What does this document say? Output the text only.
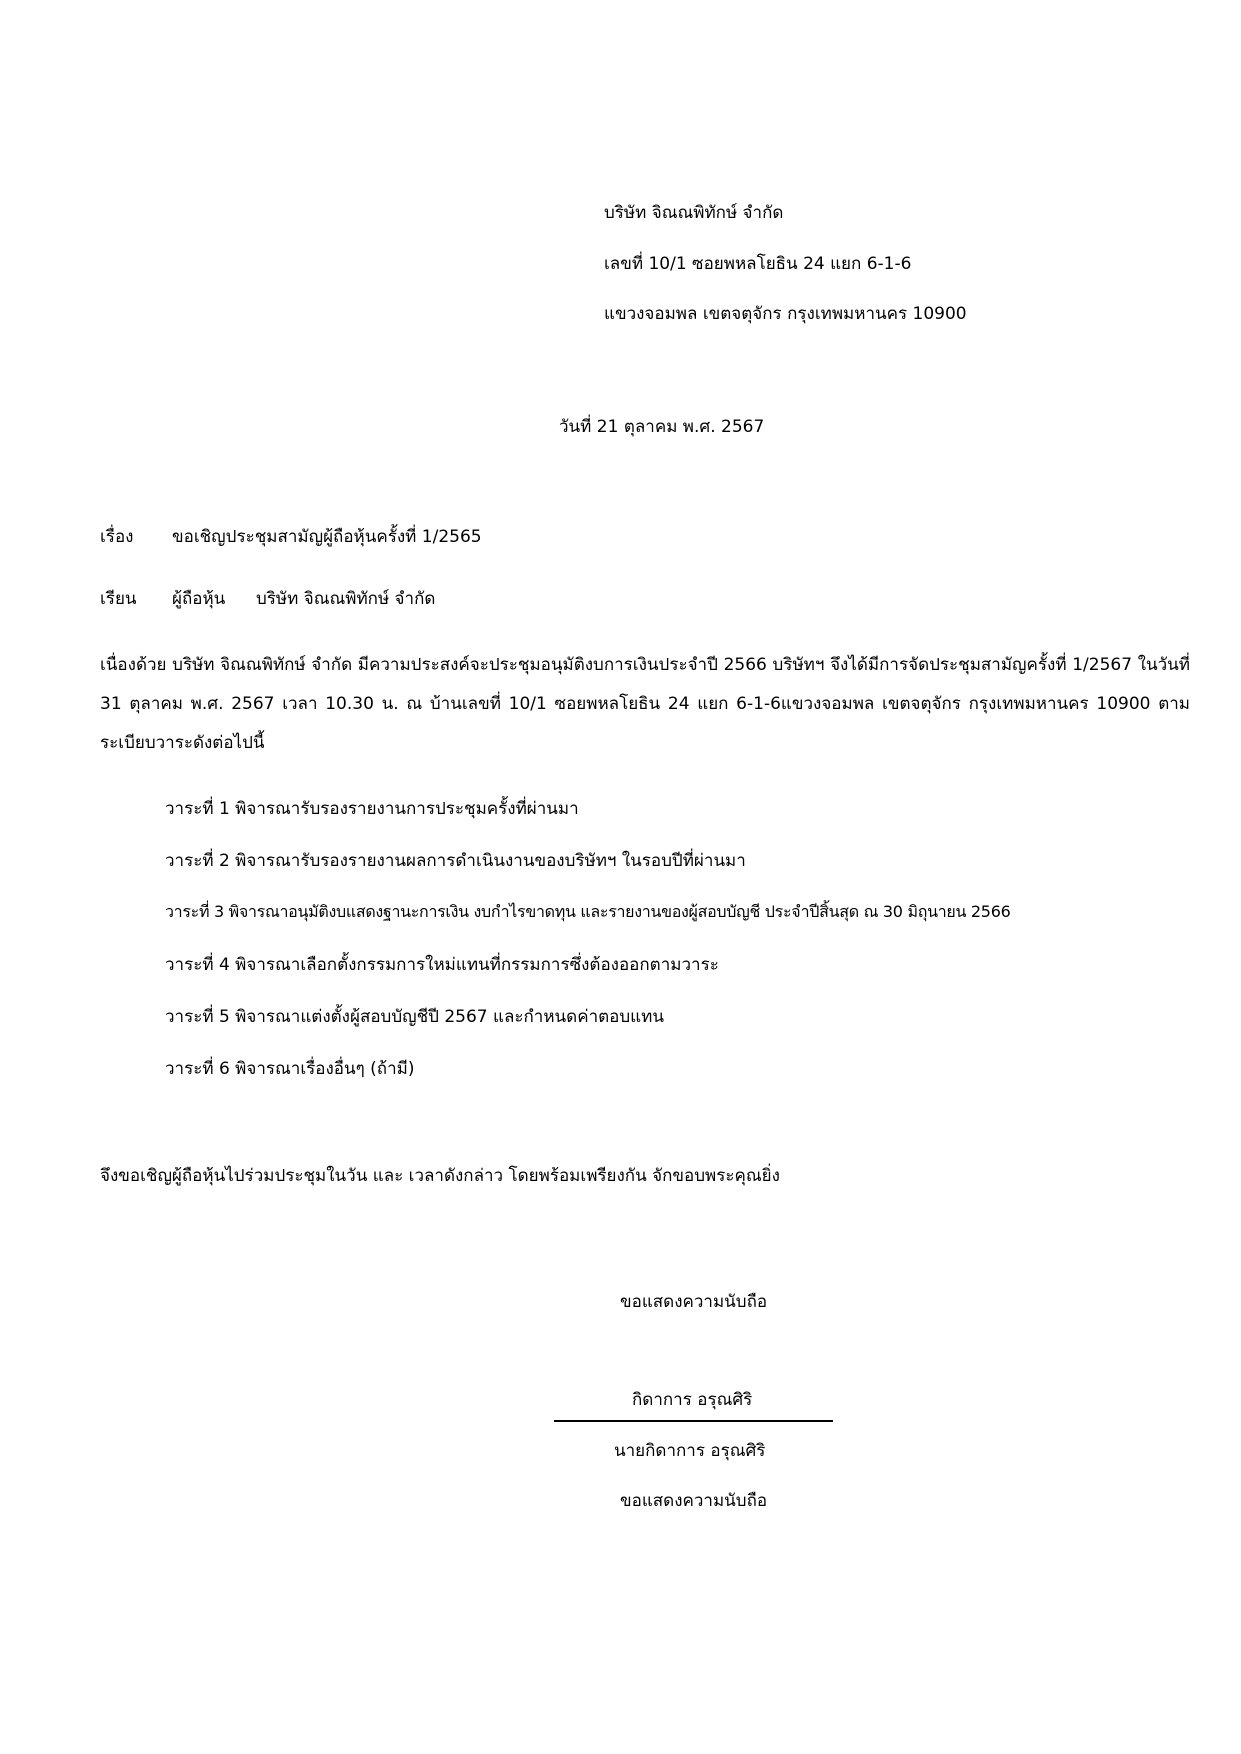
บริษัท จิณณพิทักษ์ จำกัด
เลขที่ 10/1 ซอยพหลโยธิน 24 แยก 6-1-6
แขวงจอมพล เขตจตุจักร กรุงเทพมหานคร 10900
วันที่ 21 ตุลาคม พ.ศ. 2567
เรื่อง ขอเชิญประชุมสามัญผู้ถือหุ้นครั้งที่ 1/2565
เรียน ผู้ถือหุ้น บริษัท จิณณพิทักษ์ จำกัด
เนื่องด้วย บริษัท จิณณพิทักษ์ จำกัด มีความประสงค์จะประชุมอนุมัติงบการเงินประจำปี 2566 บริษัทฯ จึงได้มีการจัดประชุมสามัญครั้งที่ 1/2567 ในวันที่ 31 ตุลาคม พ.ศ. 2567 เวลา 10.30 น. ณ บ้านเลขที่ 10/1 ซอยพหลโยธิน 24 แยก 6-1-6แขวงจอมพล เขตจตุจักร กรุงเทพมหานคร 10900 ตามระเบียบวาระดังต่อไปนี้
วาระที่ 1 พิจารณารับรองรายงานการประชุมครั้งที่ผ่านมา
วาระที่ 2 พิจารณารับรองรายงานผลการดำเนินงานของบริษัทฯ ในรอบปีที่ผ่านมา
วาระที่ 3 พิจารณาอนุมัติงบแสดงฐานะการเงิน งบกำไรขาดทุน และรายงานของผู้สอบบัญชี ประจำปีสิ้นสุด ณ 30 มิถุนายน 2566
วาระที่ 4 พิจารณาเลือกตั้งกรรมการใหม่แทนที่กรรมการซึ่งต้องออกตามวาระ
วาระที่ 5 พิจารณาแต่งตั้งผู้สอบบัญชีปี 2567 และกำหนดค่าตอบแทน
วาระที่ 6 พิจารณาเรื่องอื่นๆ (ถ้ามี)
จึงขอเชิญผู้ถือหุ้นไปร่วมประชุมในวัน และ เวลาดังกล่าว โดยพร้อมเพรียงกัน จักขอบพระคุณยิ่ง
ขอแสดงความนับถือ
กิดาการ อรุณศิริ
นายกิดาการ อรุณศิริ
ขอแสดงความนับถือ
